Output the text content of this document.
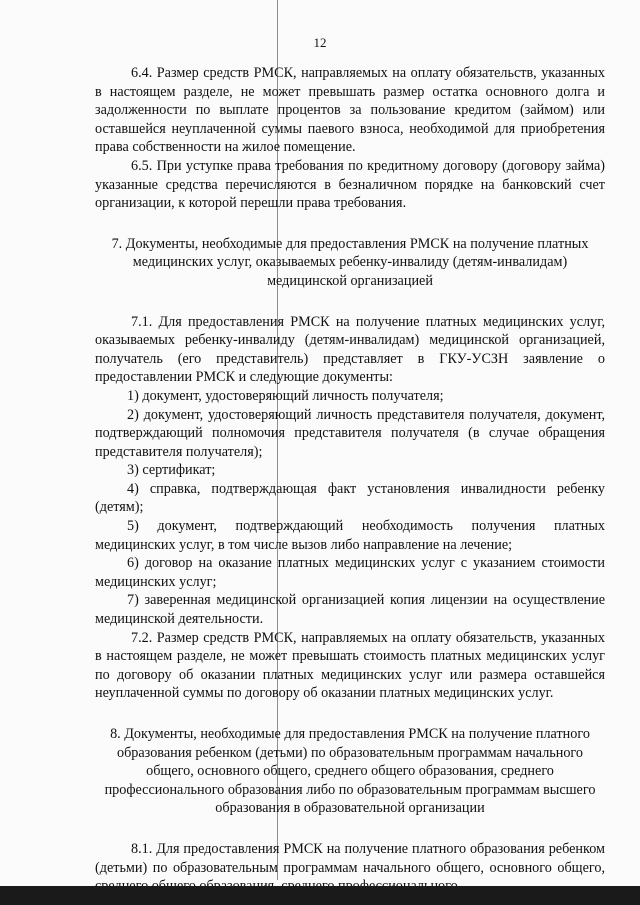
12

6.4. Размер средств РМСК, направляемых на оплату обязательств, указанных в настоящем разделе, не может превышать размер остатка основного долга и задолженности по выплате процентов за пользование кредитом (займом) или оставшейся неуплаченной суммы паевого взноса, необходимой для приобретения права собственности на жилое помещение.

6.5. При уступке права требования по кредитному договору (договору займа) указанные средства перечисляются в безналичном порядке на банковский счет организации, к которой перешли права требования.

7. Документы, необходимые для предоставления РМСК на получение платных медицинских услуг, оказываемых ребенку-инвалиду (детям-инвалидам) медицинской организацией

7.1. Для предоставления РМСК на получение платных медицинских услуг, оказываемых ребенку-инвалиду (детям-инвалидам) медицинской организацией, получатель (его представитель) представляет в ГКУ-УСЗН заявление о предоставлении РМСК и следующие документы:

1) документ, удостоверяющий личность получателя;

2) документ, удостоверяющий личность представителя получателя, документ, подтверждающий полномочия представителя получателя (в случае обращения представителя получателя);

3) сертификат;

4) справка, подтверждающая факт установления инвалидности ребенку (детям);

5) документ, подтверждающий необходимость получения платных медицинских услуг, в том числе вызов либо направление на лечение;

6) договор на оказание платных медицинских услуг с указанием стоимости медицинских услуг;

7) заверенная медицинской организацией копия лицензии на осуществление медицинской деятельности.

7.2. Размер средств РМСК, направляемых на оплату обязательств, указанных в настоящем разделе, не может превышать стоимость платных медицинских услуг по договору об оказании платных медицинских услуг или размера оставшейся неуплаченной суммы по договору об оказании платных медицинских услуг.

8. Документы, необходимые для предоставления РМСК на получение платного образования ребенком (детьми) по образовательным программам начального общего, основного общего, среднего общего образования, среднего профессионального образования либо по образовательным программам высшего образования в образовательной организации

8.1. Для предоставления РМСК на получение платного образования ребенком (детьми) по образовательным программам начального общего, основного общего,
